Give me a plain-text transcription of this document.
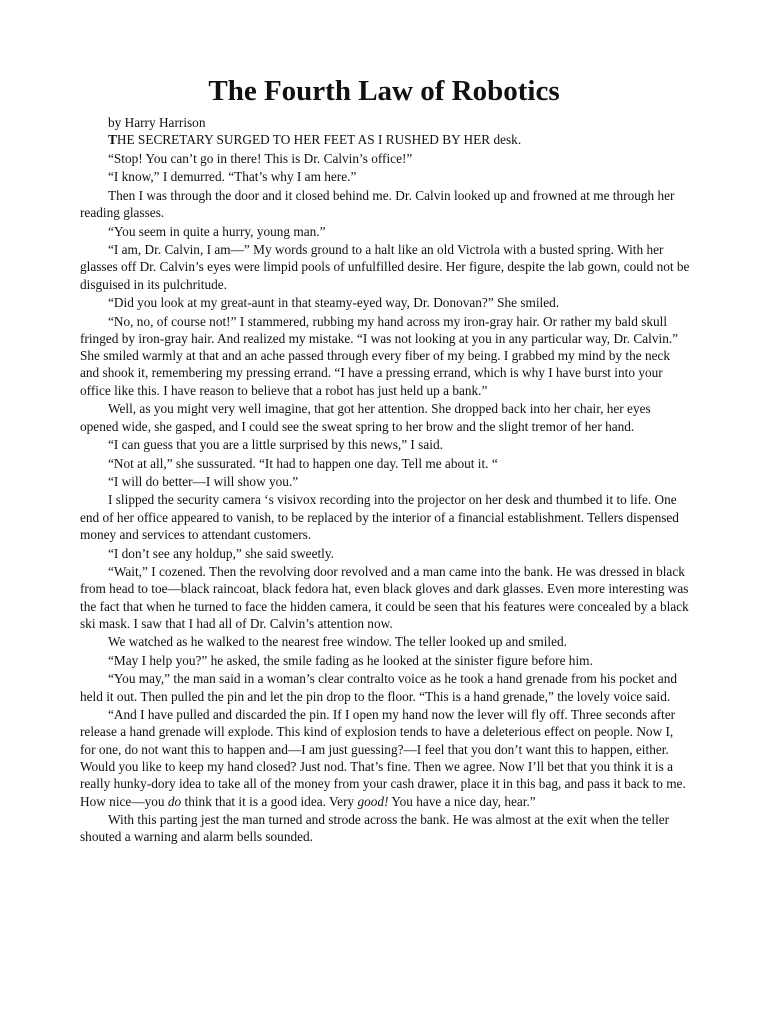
The Fourth Law of Robotics

by Harry Harrison

THE SECRETARY SURGED TO HER FEET AS I RUSHED BY HER desk.

“Stop! You can’t go in there! This is Dr. Calvin’s office!”

“I know,” I demurred. “That’s why I am here.”

Then I was through the door and it closed behind me. Dr. Calvin looked up and frowned at me through her reading glasses.

“You seem in quite a hurry, young man.”

“I am, Dr. Calvin, I am—” My words ground to a halt like an old Victrola with a busted spring. With her glasses off Dr. Calvin’s eyes were limpid pools of unfulfilled desire. Her figure, despite the lab gown, could not be disguised in its pulchritude.

“Did you look at my great-aunt in that steamy-eyed way, Dr. Donovan?” She smiled.

“No, no, of course not!” I stammered, rubbing my hand across my iron-gray hair. Or rather my bald skull fringed by iron-gray hair. And realized my mistake. “I was not looking at you in any particular way, Dr. Calvin.” She smiled warmly at that and an ache passed through every fiber of my being. I grabbed my mind by the neck and shook it, remembering my pressing errand. “I have a pressing errand, which is why I have burst into your office like this. I have reason to believe that a robot has just held up a bank.”

Well, as you might very well imagine, that got her attention. She dropped back into her chair, her eyes opened wide, she gasped, and I could see the sweat spring to her brow and the slight tremor of her hand.

“I can guess that you are a little surprised by this news,” I said.

“Not at all,” she sussurated. “It had to happen one day. Tell me about it. “

“I will do better—I will show you.”

I slipped the security camera ‘s visivox recording into the projector on her desk and thumbed it to life. One end of her office appeared to vanish, to be replaced by the interior of a financial establishment. Tellers dispensed money and services to attendant customers.

“I don’t see any holdup,” she said sweetly.

“Wait,” I cozened. Then the revolving door revolved and a man came into the bank. He was dressed in black from head to toe—black raincoat, black fedora hat, even black gloves and dark glasses. Even more interesting was the fact that when he turned to face the hidden camera, it could be seen that his features were concealed by a black ski mask. I saw that I had all of Dr. Calvin’s attention now.

We watched as he walked to the nearest free window. The teller looked up and smiled.

“May I help you?” he asked, the smile fading as he looked at the sinister figure before him.

“You may,” the man said in a woman’s clear contralto voice as he took a hand grenade from his pocket and held it out. Then pulled the pin and let the pin drop to the floor. “This is a hand grenade,” the lovely voice said.

“And I have pulled and discarded the pin. If I open my hand now the lever will fly off. Three seconds after release a hand grenade will explode. This kind of explosion tends to have a deleterious effect on people. Now I, for one, do not want this to happen and—I am just guessing?—I feel that you don’t want this to happen, either. Would you like to keep my hand closed? Just nod. That’s fine. Then we agree. Now I’ll bet that you think it is a really hunky-dory idea to take all of the money from your cash drawer, place it in this bag, and pass it back to me. How nice—you do think that it is a good idea. Very good! You have a nice day, hear.”

With this parting jest the man turned and strode across the bank. He was almost at the exit when the teller shouted a warning and alarm bells sounded.
